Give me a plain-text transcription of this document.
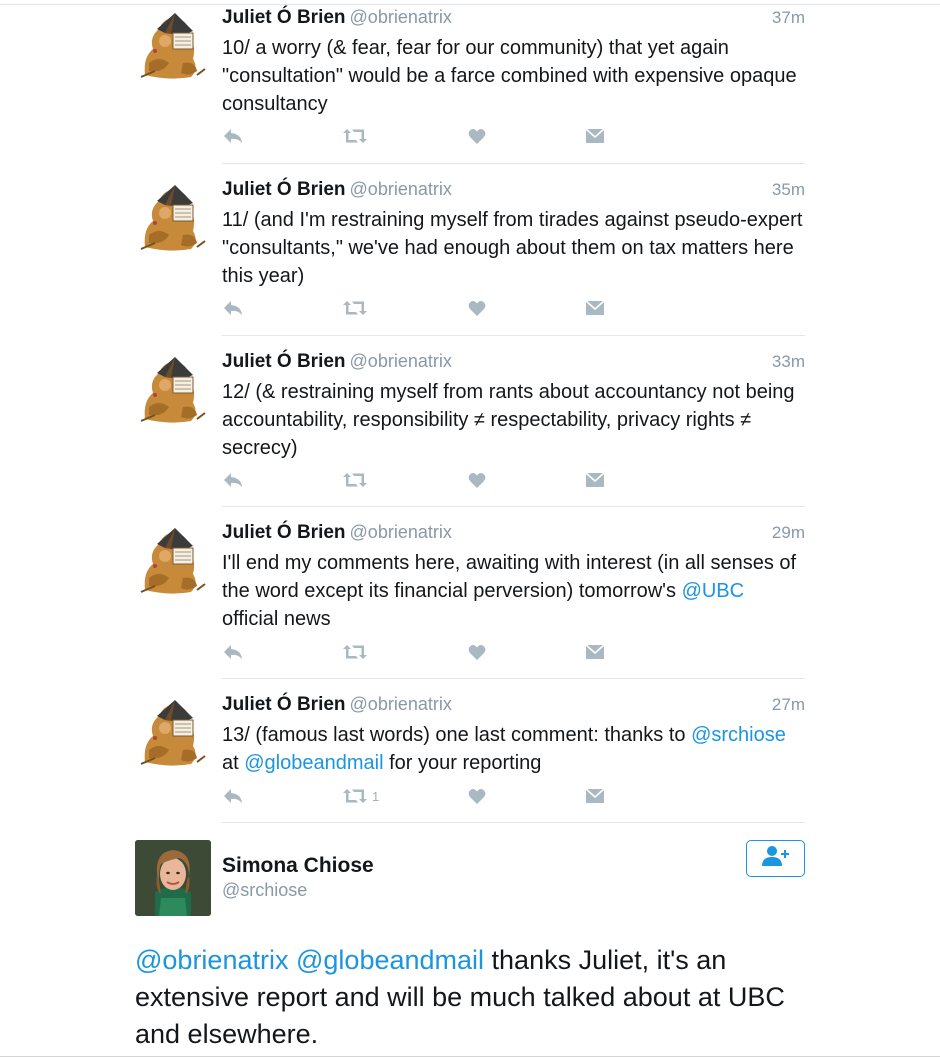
Juliet Ó Brien @obrienatrix	37m
10/ a worry (& fear, fear for our community) that yet again "consultation" would be a farce combined with expensive opaque consultancy
Juliet Ó Brien @obrienatrix	35m
11/ (and I'm restraining myself from tirades against pseudo-expert "consultants," we've had enough about them on tax matters here this year)
Juliet Ó Brien @obrienatrix	33m
12/ (& restraining myself from rants about accountancy not being accountability, responsibility ≠ respectability, privacy rights ≠ secrecy)
Juliet Ó Brien @obrienatrix	29m
I'll end my comments here, awaiting with interest (in all senses of the word except its financial perversion) tomorrow's @UBC official news
Juliet Ó Brien @obrienatrix	27m
13/ (famous last words) one last comment: thanks to @srchiose at @globeandmail for your reporting
1
Simona Chiose
@srchiose
@obrienatrix @globeandmail thanks Juliet, it's an extensive report and will be much talked about at UBC and elsewhere.
